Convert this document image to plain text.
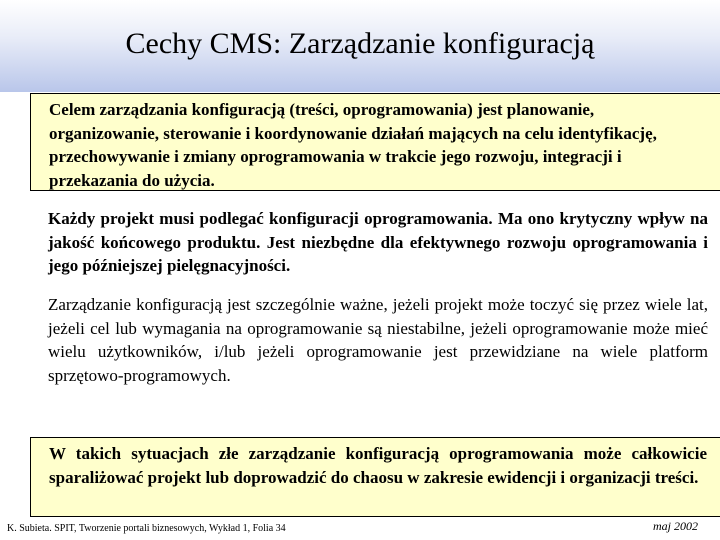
Cechy CMS: Zarządzanie konfiguracją

Celem zarządzania konfiguracją (treści, oprogramowania) jest planowanie, organizowanie, sterowanie i koordynowanie działań mających na celu identyfikację, przechowywanie i zmiany oprogramowania w trakcie jego rozwoju, integracji i przekazania do użycia.

Każdy projekt musi podlegać konfiguracji oprogramowania. Ma ono krytyczny wpływ na jakość końcowego produktu. Jest niezbędne dla efektywnego rozwoju oprogramowania i jego późniejszej pielęgnacyjności.

Zarządzanie konfiguracją jest szczególnie ważne, jeżeli projekt może toczyć się przez wiele lat, jeżeli cel lub wymagania na oprogramowanie są niestabilne, jeżeli oprogramowanie może mieć wielu użytkowników, i/lub jeżeli oprogramowanie jest przewidziane na wiele platform sprzętowo-programowych.

W takich sytuacjach złe zarządzanie konfiguracją oprogramowania może całkowicie sparaliżować projekt lub doprowadzić do chaosu w zakresie ewidencji i organizacji treści.

K. Subieta. SPIT, Tworzenie portali biznesowych, Wykład 1, Folia 34	maj 2002
